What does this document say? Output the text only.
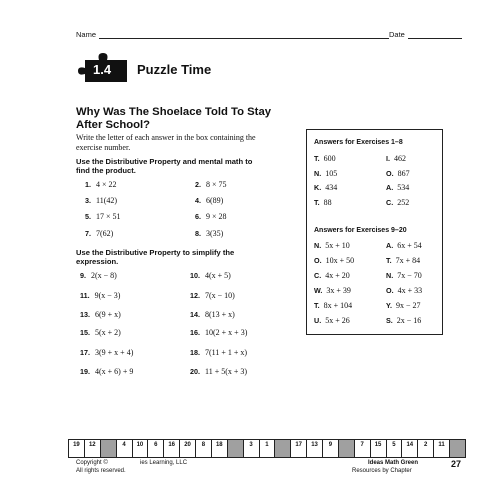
Name	Date
1.4 Puzzle Time
Why Was The Shoelace Told To Stay
After School?
Write the letter of each answer in the box containing the
exercise number.
Use the Distributive Property and mental math to
find the product.
1. 4 × 22	2. 8 × 75
3. 11(42)	4. 6(89)
5. 17 × 51	6. 9 × 28
7. 7(62)	8. 3(35)
Use the Distributive Property to simplify the
expression.
9. 2(x − 8)	10. 4(x + 5)
11. 9(x − 3)	12. 7(x − 10)
13. 6(9 + x)	14. 8(13 + x)
15. 5(x + 2)	16. 10(2 + x + 3)
17. 3(9 + x + 4)	18. 7(11 + 1 + x)
19. 4(x + 6) + 9	20. 11 + 5(x + 3)
Answers for Exercises 1–8
T. 600	I. 462
N. 105	O. 867
K. 434	A. 534
T. 88	C. 252
Answers for Exercises 9–20
N. 5x + 10	A. 6x + 54
O. 10x + 50	T. 7x + 84
C. 4x + 20	N. 7x − 70
W. 3x + 39	O. 4x + 33
T. 8x + 104	Y. 9x − 27
U. 5x + 26	S. 2x − 16
19	12	4	10	6	16	20	8	18	3	1	17	13	9	7	15	5	14	2	11
Copyright ©	ies Learning, LLC
All rights reserved.
Ideas Math Green
Resources by Chapter
27
